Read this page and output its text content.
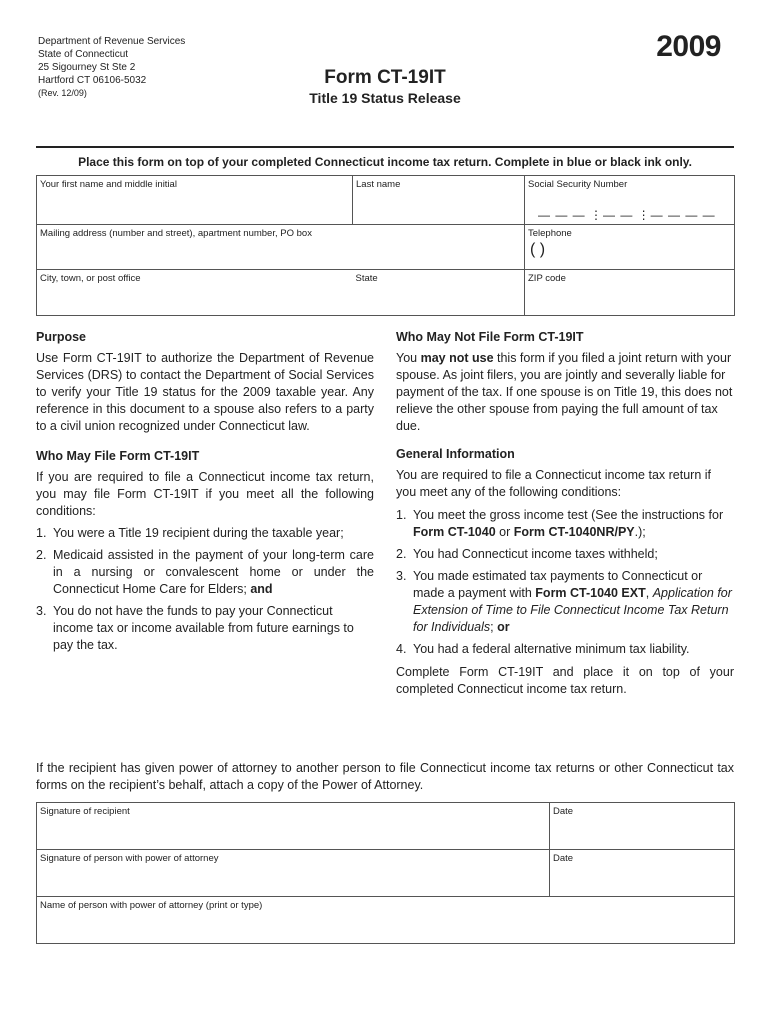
Department of Revenue Services
State of Connecticut
25 Sigourney St Ste 2
Hartford CT 06106-5032
(Rev. 12/09)
2009
Form CT-19IT
Title 19 Status Release
Place this form on top of your completed Connecticut income tax return. Complete in blue or black ink only.
Your first name and middle initial	Last name	Social Security Number
Mailing address (number and street), apartment number, PO box		Telephone
City, town, or post office	State	ZIP code
— — — ⋮— — ⋮— — — —
( )
Purpose

Use Form CT-19IT to authorize the Department of Revenue Services (DRS) to contact the Department of Social Services to verify your Title 19 status for the 2009 taxable year. Any reference in this document to a spouse also refers to a party to a civil union recognized under Connecticut law.

Who May File Form CT-19IT

If you are required to file a Connecticut income tax return, you may file Form CT-19IT if you meet all the following conditions:

1. You were a Title 19 recipient during the taxable year;
2. Medicaid assisted in the payment of your long-term care in a nursing or convalescent home or under the Connecticut Home Care for Elders; and
3. You do not have the funds to pay your Connecticut income tax or income available from future earnings to pay the tax.
Who May Not File Form CT-19IT

You may not use this form if you filed a joint return with your spouse. As joint filers, you are jointly and severally liable for payment of the tax. If one spouse is on Title 19, this does not relieve the other spouse from paying the full amount of tax due.

General Information

You are required to file a Connecticut income tax return if you meet any of the following conditions:

1. You meet the gross income test (See the instructions for Form CT-1040 or Form CT-1040NR/PY.);
2. You had Connecticut income taxes withheld;
3. You made estimated tax payments to Connecticut or made a payment with Form CT-1040 EXT, Application for Extension of Time to File Connecticut Income Tax Return for Individuals; or
4. You had a federal alternative minimum tax liability.

Complete Form CT-19IT and place it on top of your completed Connecticut income tax return.

If the recipient has given power of attorney to another person to file Connecticut income tax returns or other Connecticut tax forms on the recipient’s behalf, attach a copy of the Power of Attorney.
Signature of recipient	Date
Signature of person with power of attorney	Date
Name of person with power of attorney (print or type)	
